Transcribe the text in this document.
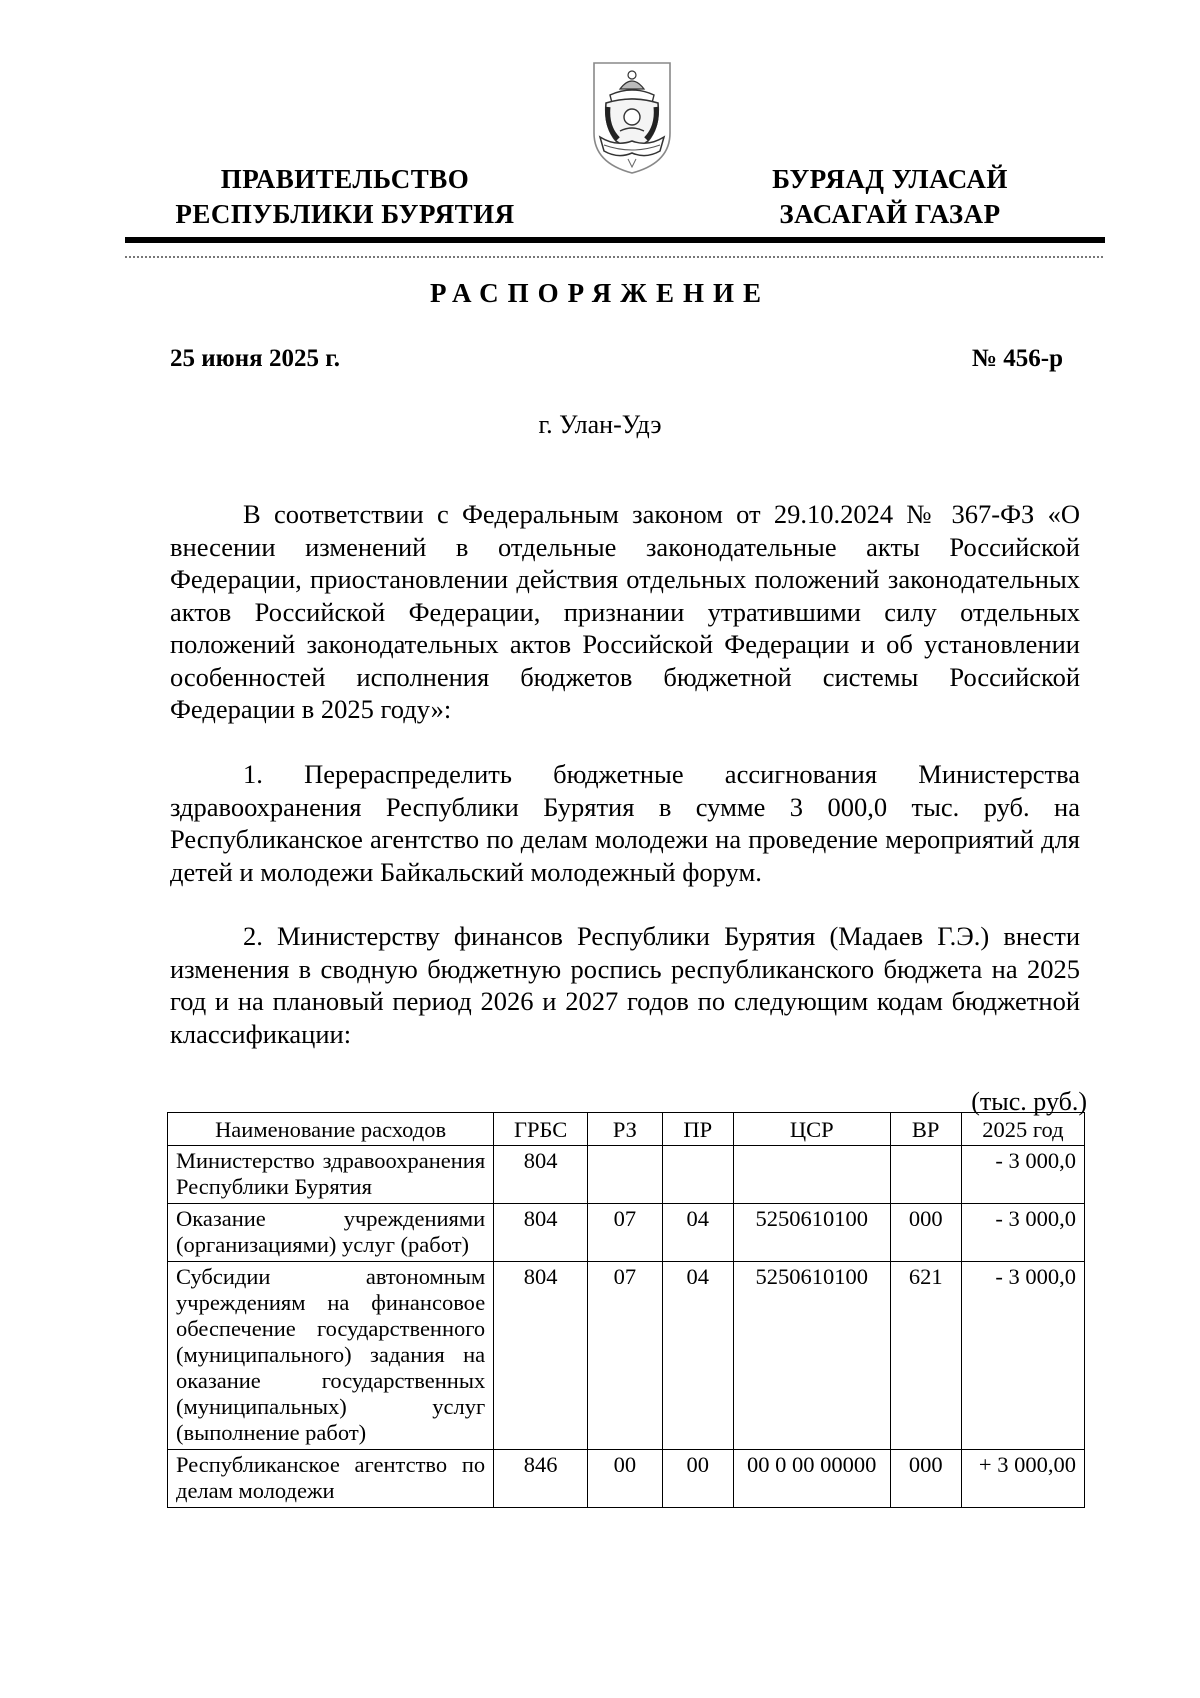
ПРАВИТЕЛЬСТВО
РЕСПУБЛИКИ БУРЯТИЯ
БУРЯАД УЛАСАЙ
ЗАСАГАЙ ГАЗАР
РАСПОРЯЖЕНИЕ
25 июня 2025 г.	№ 456-р
г. Улан-Удэ

В соответствии с Федеральным законом от 29.10.2024 № 367-ФЗ «О внесении изменений в отдельные законодательные акты Российской Федерации, приостановлении действия отдельных положений законодательных актов Российской Федерации, признании утратившими силу отдельных положений законодательных актов Российской Федерации и об установлении особенностей исполнения бюджетов бюджетной системы Российской Федерации в 2025 году»:

1. Перераспределить бюджетные ассигнования Министерства здравоохранения Республики Бурятия в сумме 3 000,0 тыс. руб. на Республиканское агентство по делам молодежи на проведение мероприятий для детей и молодежи Байкальский молодежный форум.

2. Министерству финансов Республики Бурятия (Мадаев Г.Э.) внести изменения в сводную бюджетную роспись республиканского бюджета на 2025 год и на плановый период 2026 и 2027 годов по следующим кодам бюджетной классификации:

(тыс. руб.)
Наименование расходов	ГРБС	РЗ	ПР	ЦСР	ВР	2025 год
Министерство здравоохранения Республики Бурятия	804					- 3 000,0
Оказание учреждениями (организациями) услуг (работ)	804	07	04	5250610100	000	- 3 000,0
Субсидии автономным учреждениям на финансовое обеспечение государственного (муниципального) задания на оказание государственных (муниципальных) услуг (выполнение работ)	804	07	04	5250610100	621	- 3 000,0
Республиканское агентство по делам молодежи	846	00	00	00 0 00 00000	000	+ 3 000,00
